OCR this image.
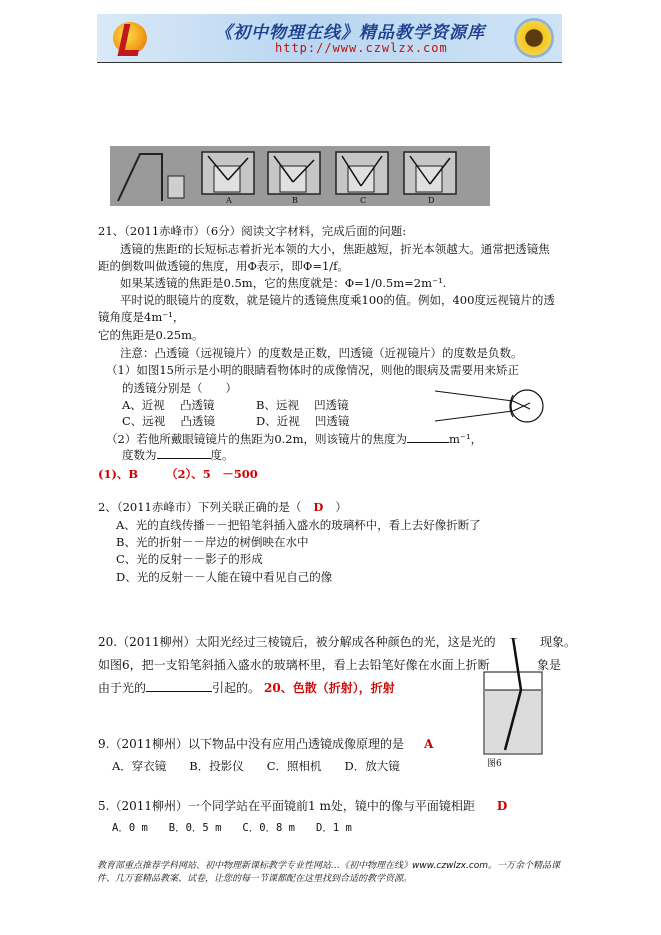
《初中物理在线》精品教学资源库
http://www.czwlzx.com
A	B	C	D
21、（2011赤峰市）（6分）阅读文字材料，完成后面的问题:
透镜的焦距f的长短标志着折光本领的大小，焦距越短，折光本领越大。通常把透镜焦
距的倒数叫做透镜的焦度，用Φ表示，即Φ=1/f。
如果某透镜的焦距是0.5m，它的焦度就是：Φ=1/0.5m=2m⁻¹.
平时说的眼镜片的度数，就是镜片的透镜焦度乘100的值。例如，400度远视镜片的透
镜角度是4m⁻¹，
它的焦距是0.25m。
注意：凸透镜（远视镜片）的度数是正数，凹透镜（近视镜片）的度数是负数。
（1）如图15所示是小明的眼睛看物体时的成像情况，则他的眼病及需要用来矫正
的透镜分别是（　　）
A、近视　 凸透镜	B、远视　 凹透镜
C、远视　 凸透镜	D、近视　 凹透镜
（2）若他所戴眼镜镜片的焦距为0.2m，则该镜片的焦度为	m⁻¹，
度数为	度。
(1)、B （2）、5　－500
2、（2011赤峰市）下列关联正确的是（ D ）
A、光的直线传播－－把铅笔斜插入盛水的玻璃杯中，看上去好像折断了
B、光的折射－－岸边的树倒映在水中
C、光的反射－－影子的形成
D、光的反射－－人能在镜中看见自己的像
20.（2011柳州）太阳光经过三棱镜后，被分解成各种颜色的光，这是光的	现象。
如图6，把一支铅笔斜插入盛水的玻璃杯里，看上去铅笔好像在水面上折断	象是
由于光的	引起的。 20、色散（折射），折射
图6
9.（2011柳州）以下物品中没有应用凸透镜成像原理的是 A
A．穿衣镜　　B．投影仪　　C．照相机　　D．放大镜
5.（2011柳州）一个同学站在平面镜前1 m处，镜中的像与平面镜相距 D
A．0 m　　B．0．5 m　　C．0．8 m　　D．1 m
教育部重点推荐学科网站、初中物理新课标教学专业性网站…《初中物理在线》www.czwlzx.com。一万余个精品课件、几万套精品教案、试卷，让您的每一节课都配在这里找到合适的教学资源。
